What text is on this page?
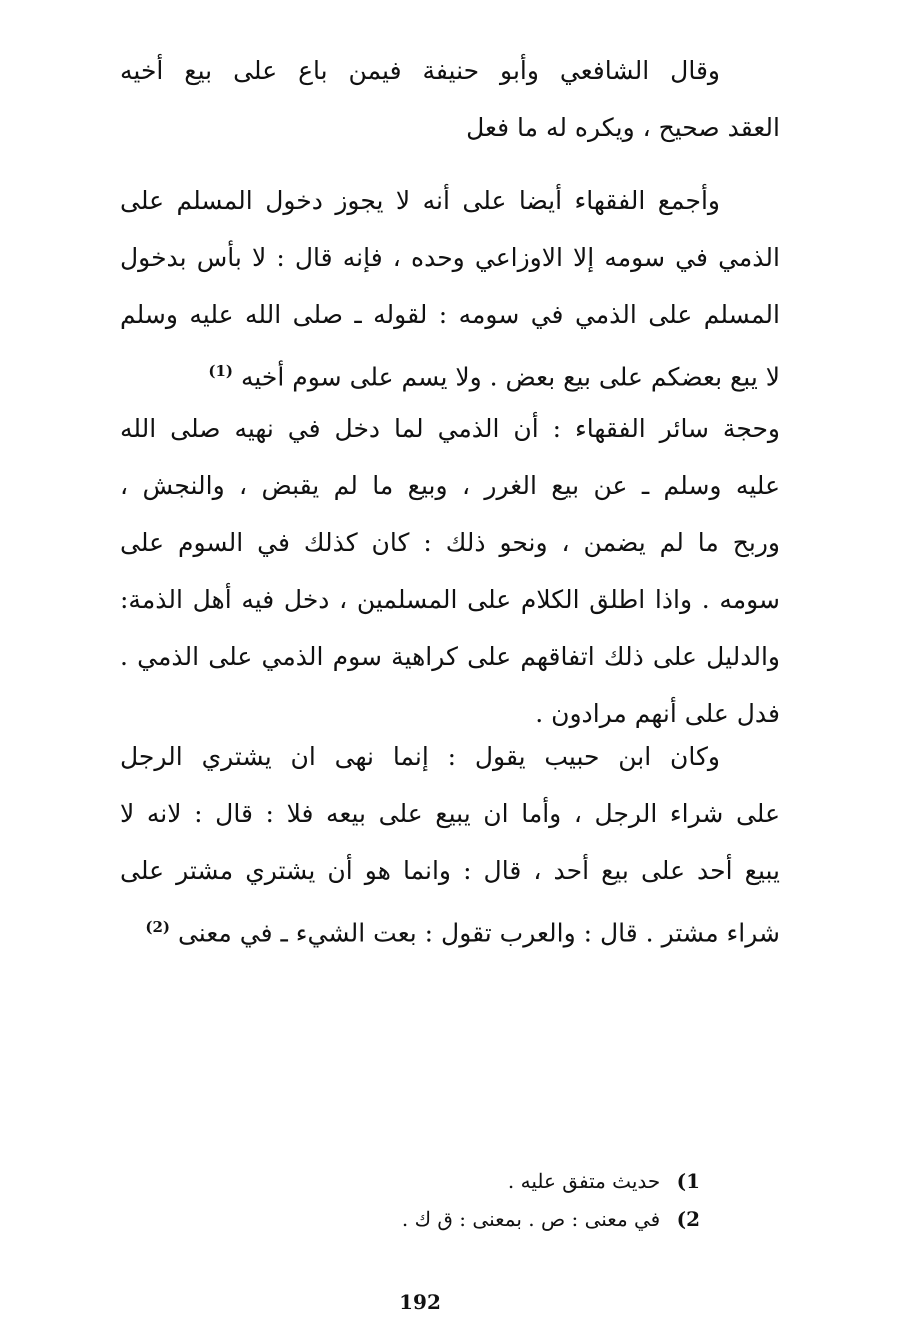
وقال الشافعي وأبو حنيفة فيمن باع على بيع أخيه
العقد صحيح ، ويكره له ما فعل
وأجمع الفقهاء أيضا على أنه لا يجوز دخول المسلم على
الذمي في سومه إلا الاوزاعي وحده ، فإنه قال : لا بأس بدخول
المسلم على الذمي في سومه : لقوله ـ صلى الله عليه وسلم
لا يبع بعضكم على بيع بعض . ولا يسم على سوم أخيه $^{(1)}$
وحجة سائر الفقهاء : أن الذمي لما دخل في نهيه صلى الله
عليه وسلم ـ عن بيع الغرر ، وبيع ما لم يقبض ، والنجش ،
وربح ما لم يضمن ، ونحو ذلك : كان كذلك في السوم على
سومه . واذا اطلق الكلام على المسلمين ، دخل فيه أهل الذمة:
والدليل على ذلك اتفاقهم على كراهية سوم الذمي على الذمي .
فدل على أنهم مرادون .
وكان ابن حبيب يقول : إنما نهى ان يشتري الرجل
على شراء الرجل ، وأما ان يبيع على بيعه فلا : قال : لانه لا
يبيع أحد على بيع أحد ، قال : وانما هو أن يشتري مشتر على
شراء مشتر . قال : والعرب تقول : بعت الشيء ـ في معنى $^{(2)}$
1) حديث متفق عليه .
2) في معنى : ص . بمعنى : ق ك .
192
